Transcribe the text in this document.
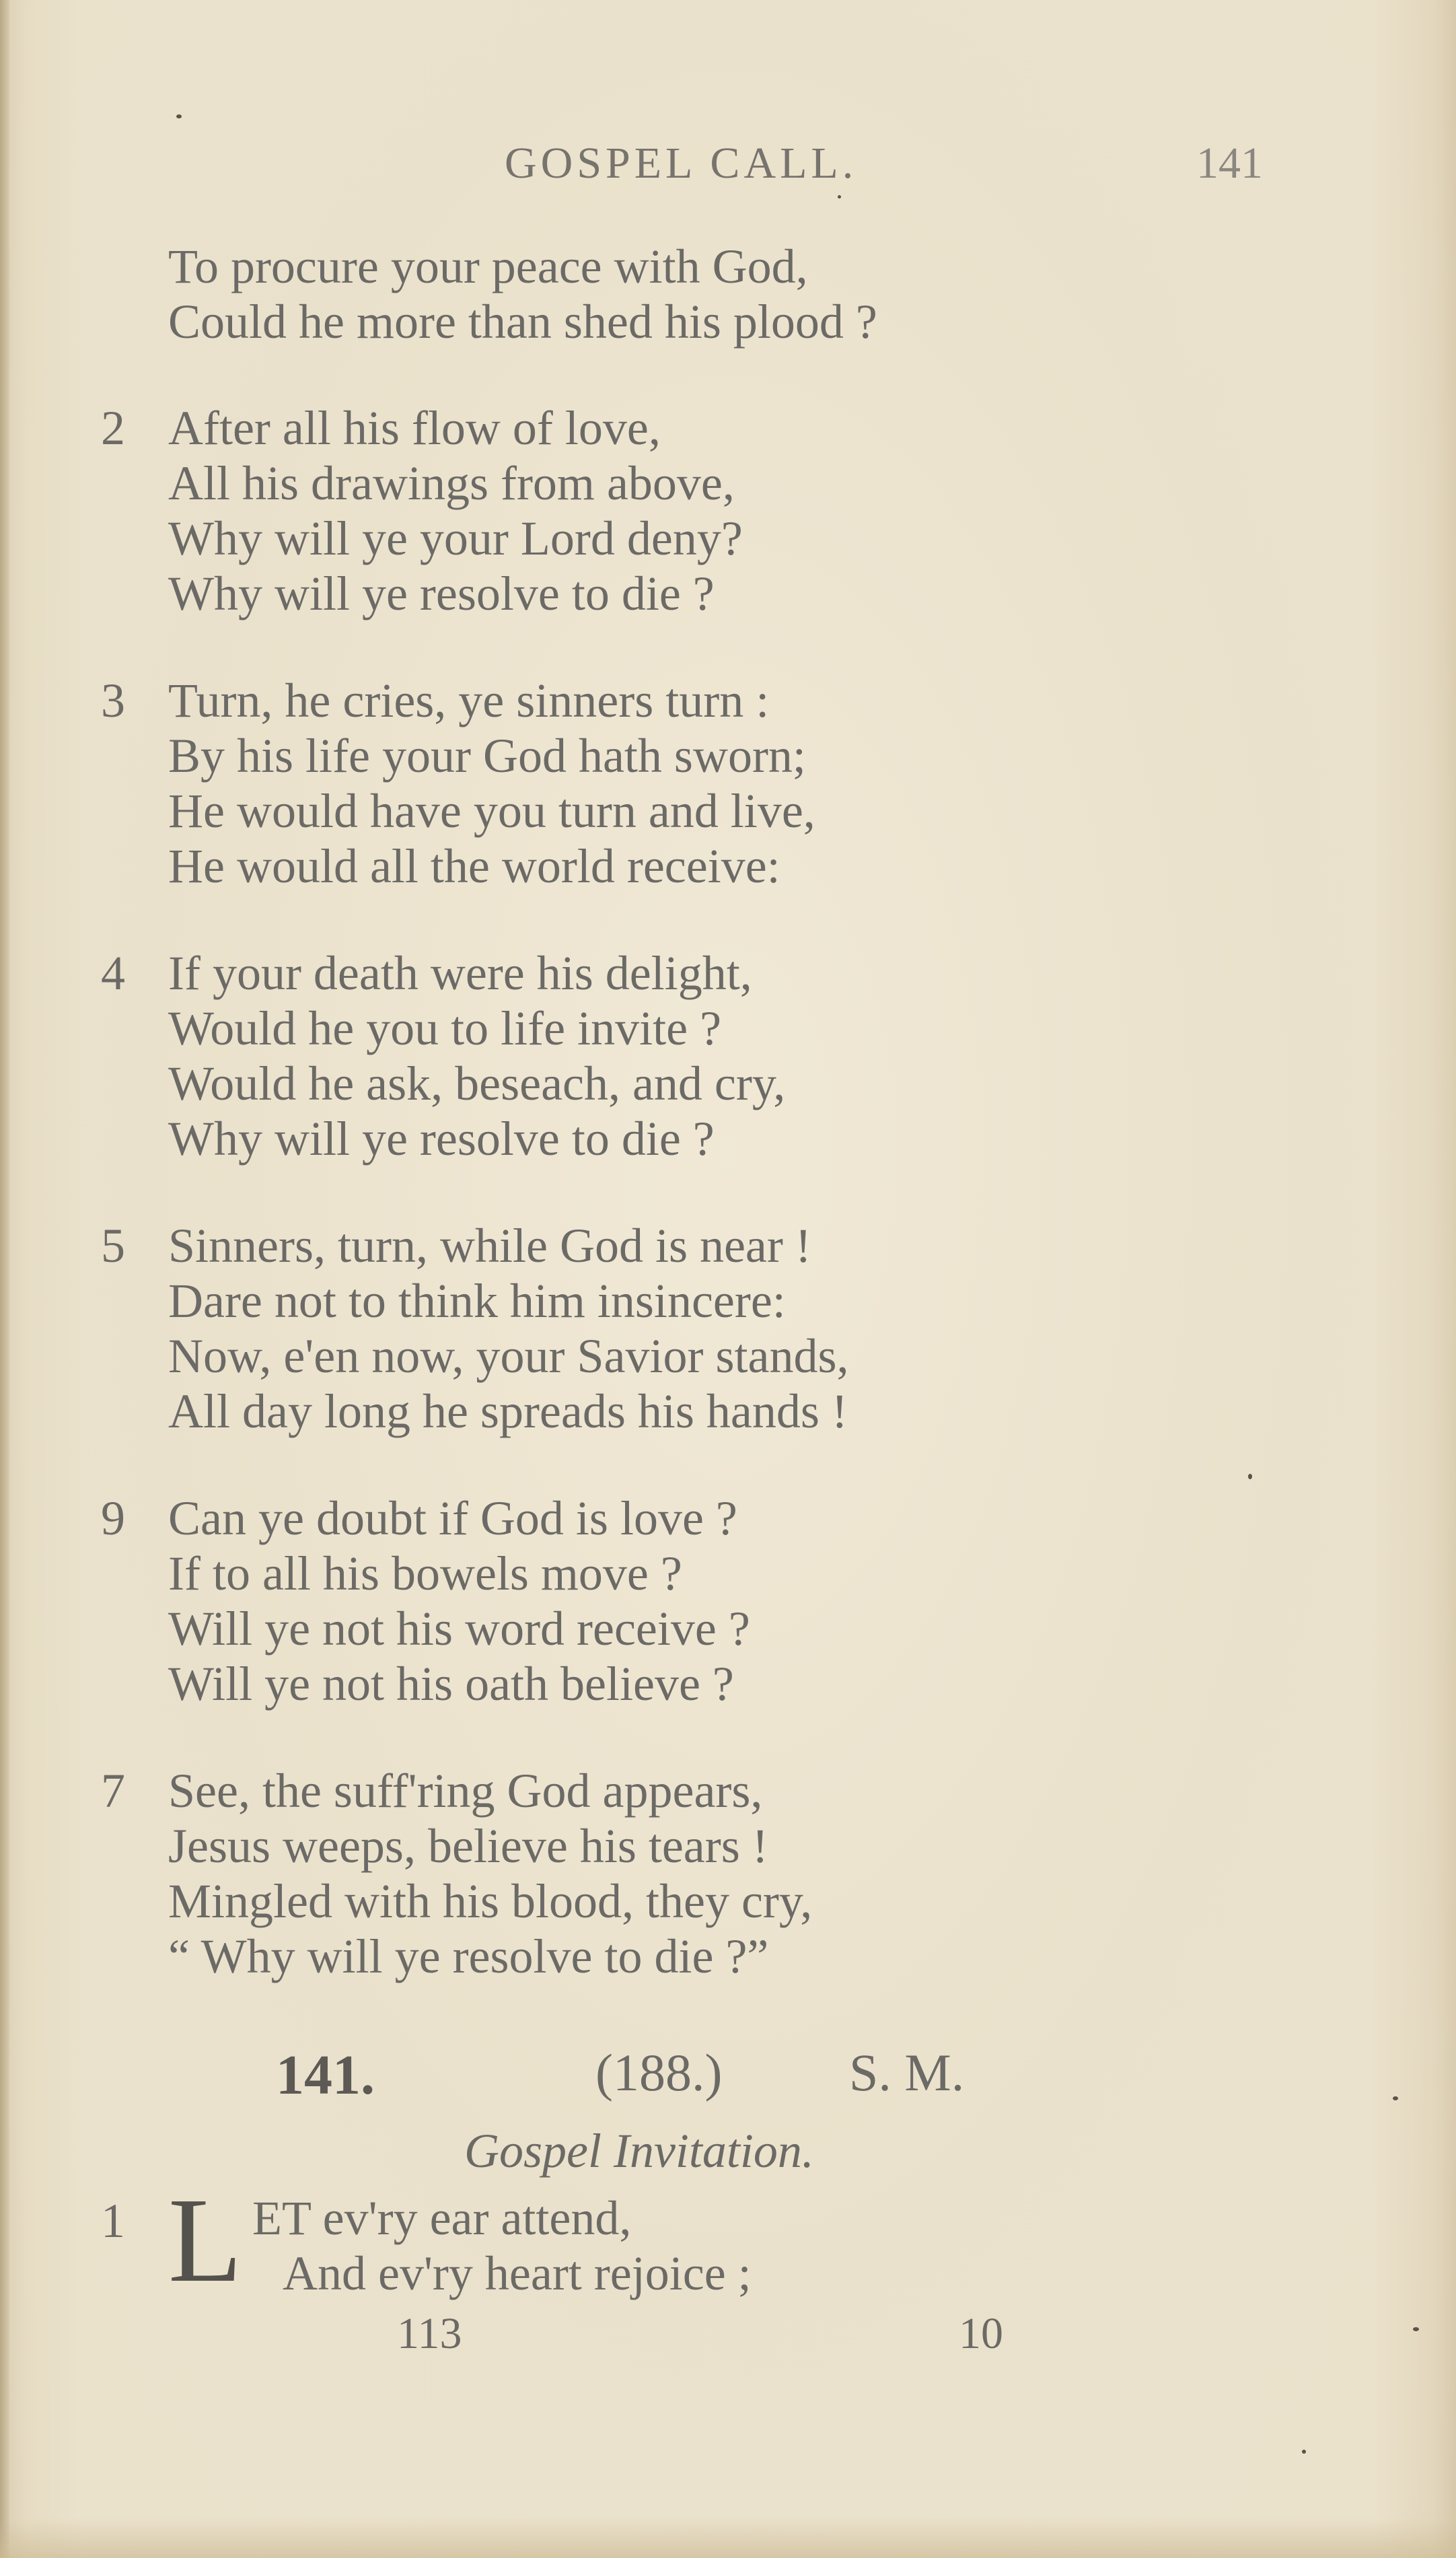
GOSPEL CALL.	141
To procure your peace with God,
Could he more than shed his plood ?
2 After all his flow of love,
All his drawings from above,
Why will ye your Lord deny?
Why will ye resolve to die ?
3 Turn, he cries, ye sinners turn :
By his life your God hath sworn;
He would have you turn and live,
He would all the world receive:
4 If your death were his delight,
Would he you to life invite ?
Would he ask, beseach, and cry,
Why will ye resolve to die ?
5 Sinners, turn, while God is near !
Dare not to think him insincere:
Now, e'en now, your Savior stands,
All day long he spreads his hands !
9 Can ye doubt if God is love ?
If to all his bowels move ?
Will ye not his word receive ?
Will ye not his oath believe ?
7 See, the suff'ring God appears,
Jesus weeps, believe his tears !
Mingled with his blood, they cry,
“ Why will ye resolve to die ?”
141.	(188.) S. M.
Gospel Invitation.
1 L ET ev'ry ear attend,
And ev'ry heart rejoice ;
113	10
